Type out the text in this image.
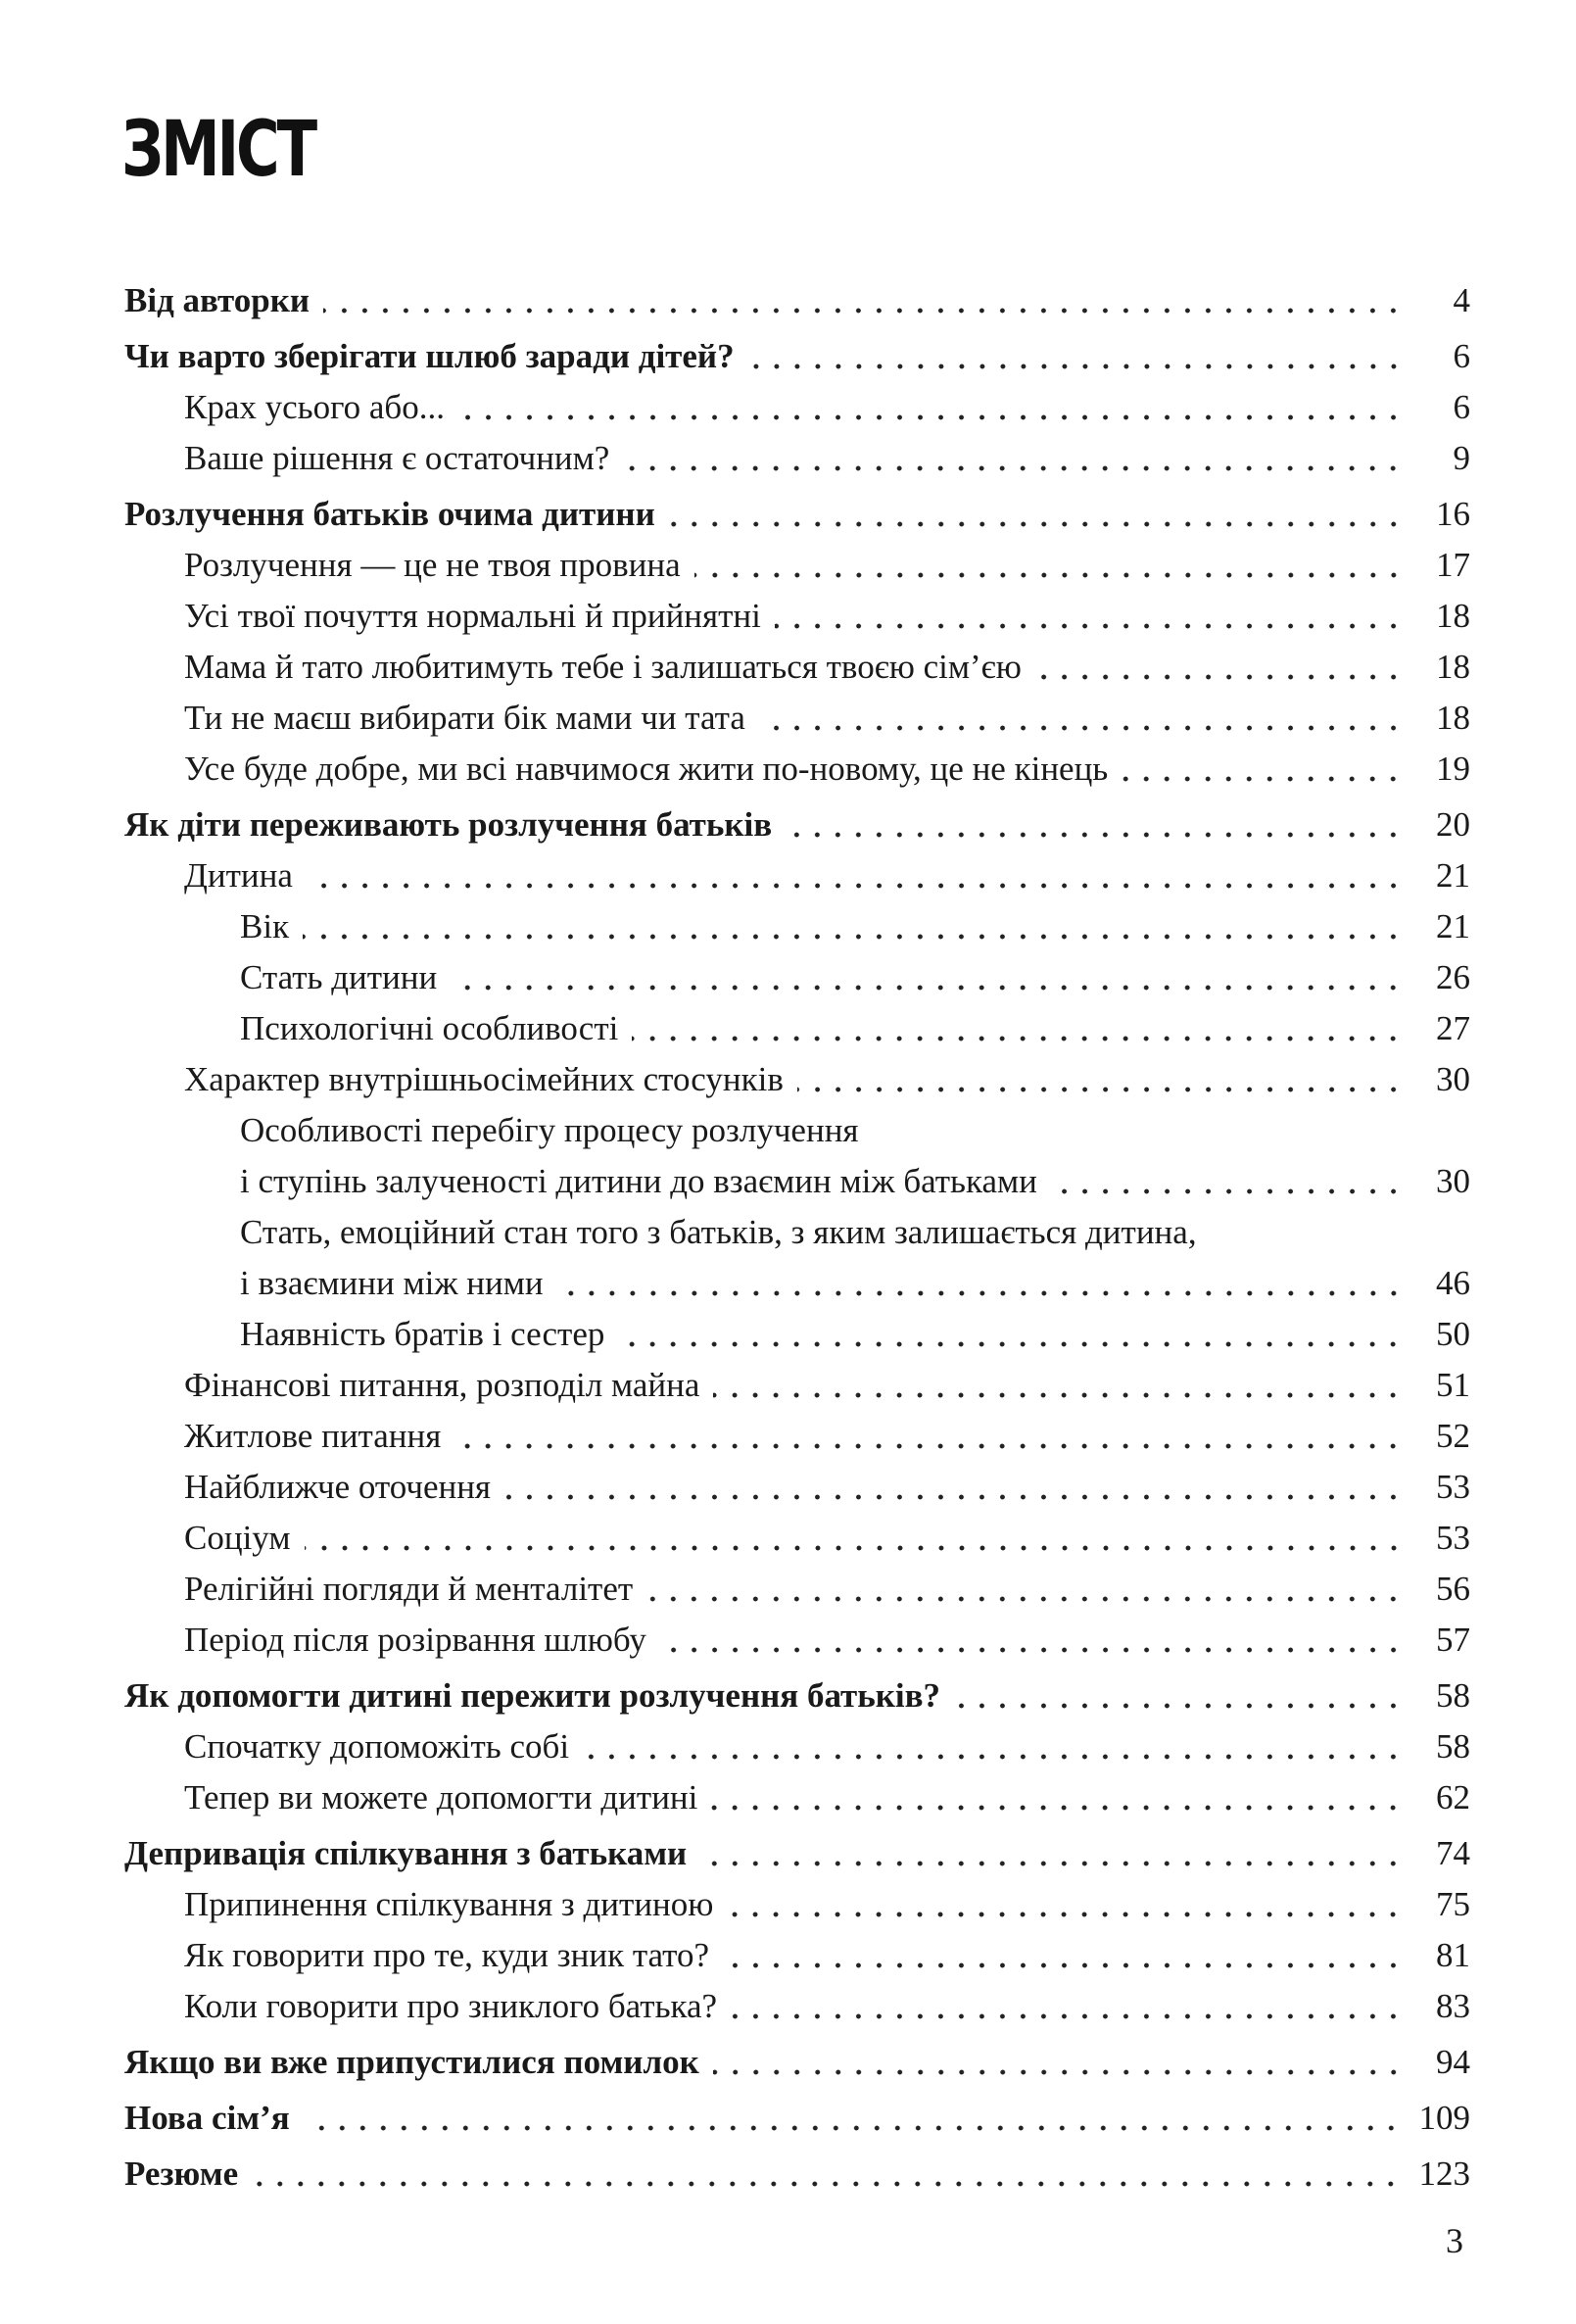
ЗМІСТ
Від авторки	4
Чи варто зберігати шлюб заради дітей?	6
Крах усього або...	6
Ваше рішення є остаточним?	9
Розлучення батьків очима дитини	16
Розлучення — це не твоя провина	17
Усі твої почуття нормальні й прийнятні	18
Мама й тато любитимуть тебе і залишаться твоєю сім’єю	18
Ти не маєш вибирати бік мами чи тата	18
Усе буде добре, ми всі навчимося жити по-новому, це не кінець	19
Як діти переживають розлучення батьків	20
Дитина	21
Вік	21
Стать дитини	26
Психологічні особливості	27
Характер внутрішньосімейних стосунків	30
Особливості перебігу процесу розлучення
і ступінь залученості дитини до взаємин між батьками	30
Стать, емоційний стан того з батьків, з яким залишається дитина,
і взаємини між ними	46
Наявність братів і сестер	50
Фінансові питання, розподіл майна	51
Житлове питання	52
Найближче оточення	53
Соціум	53
Релігійні погляди й менталітет	56
Період після розірвання шлюбу	57
Як допомогти дитині пережити розлучення батьків?	58
Спочатку допоможіть собі	58
Тепер ви можете допомогти дитині	62
Депривація спілкування з батьками	74
Припинення спілкування з дитиною	75
Як говорити про те, куди зник тато?	81
Коли говорити про зниклого батька?	83
Якщо ви вже припустилися помилок	94
Нова сім’я	109
Резюме	123
3
